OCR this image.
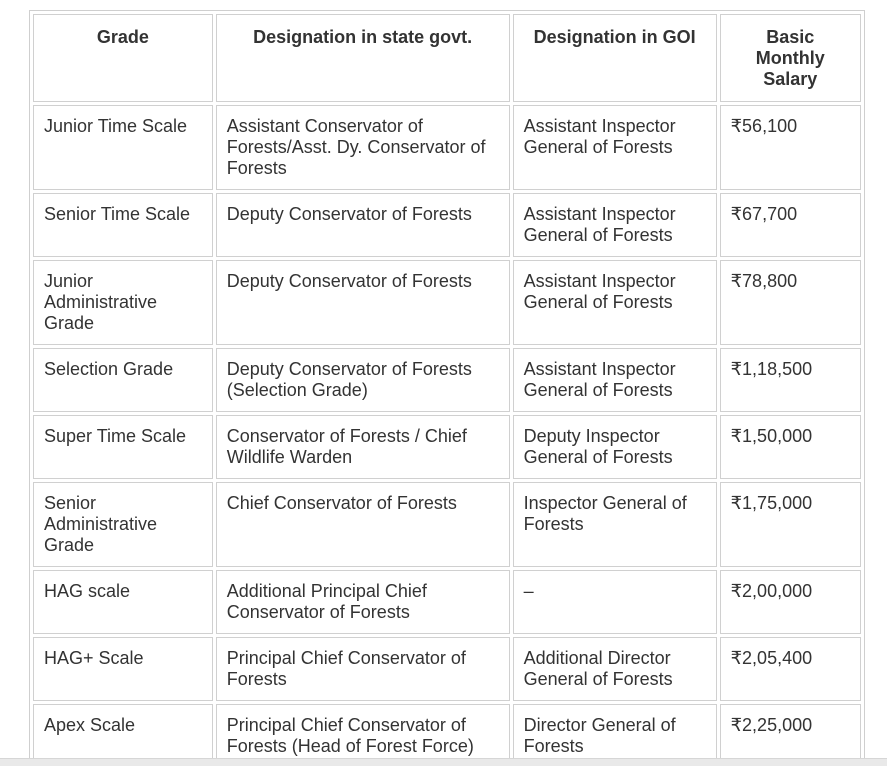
Grade	Designation in state govt.	Designation in GOI	Basic Monthly Salary
Junior Time Scale	Assistant Conservator of Forests/Asst. Dy. Conservator of Forests	Assistant Inspector General of Forests	₹56,100
Senior Time Scale	Deputy Conservator of Forests	Assistant Inspector General of Forests	₹67,700
Junior Administrative Grade	Deputy Conservator of Forests	Assistant Inspector General of Forests	₹78,800
Selection Grade	Deputy Conservator of Forests (Selection Grade)	Assistant Inspector General of Forests	₹1,18,500
Super Time Scale	Conservator of Forests / Chief Wildlife Warden	Deputy Inspector General of Forests	₹1,50,000
Senior Administrative Grade	Chief Conservator of Forests	Inspector General of Forests	₹1,75,000
HAG scale	Additional Principal Chief Conservator of Forests	–	₹2,00,000
HAG+ Scale	Principal Chief Conservator of Forests	Additional Director General of Forests	₹2,05,400
Apex Scale	Principal Chief Conservator of Forests (Head of Forest Force)	Director General of Forests	₹2,25,000
